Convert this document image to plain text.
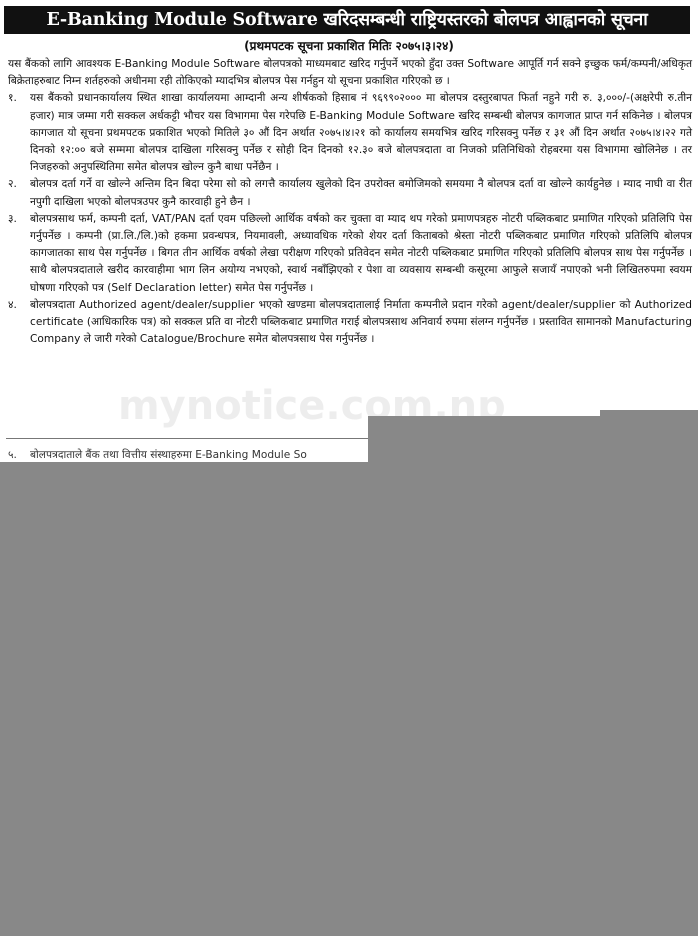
E-Banking Module Software खरिदसम्बन्धी राष्ट्रियस्तरको बोलपत्र आह्वानको सूचना
(प्रथमपटक सूचना प्रकाशित मितिः २०७५।३।२४)

यस बैंकको लागि आवश्यक E-Banking Module Software बोलपत्रको माध्यमबाट खरिद गर्नुपर्ने भएको हुँदा उक्त Software आपूर्ति गर्न सक्ने इच्छुक फर्म/कम्पनी/अधिकृत बिक्रेताहरुबाट निम्न शर्तहरुको अधीनमा रही तोकिएको म्यादभित्र बोलपत्र पेस गर्नहुन यो सूचना प्रकाशित गरिएको छ ।

१. यस बैंकको प्रधानकार्यालय स्थित शाखा कार्यालयमा आम्दानी अन्य शीर्षकको हिसाब नं ९६९९०२००० मा बोलपत्र दस्तुरबापत फिर्ता नहुने गरी रु. ३,०००/-(अक्षरेपी रु.तीन हजार) मात्र जम्मा गरी सक्कल अर्धकट्टी भौचर यस विभागमा पेस गरेपछि E-Banking Module Software खरिद सम्बन्धी बोलपत्र कागजात प्राप्त गर्न सकिनेछ । बोलपत्र कागजात यो सूचना प्रथमपटक प्रकाशित भएको मितिले ३० औं दिन अर्थात २०७५।४।२१ को कार्यालय समयभित्र खरिद गरिसक्नु पर्नेछ र ३१ औं दिन अर्थात २०७५।४।२२ गते दिनको १२:०० बजे सम्ममा बोलपत्र दाखिला गरिसक्नु पर्नेछ र सोही दिन दिनको १२.३० बजे बोलपत्रदाता वा निजको प्रतिनिधिको रोहबरमा यस विभागमा खोलिनेछ । तर निजहरुको अनुपस्थितिमा समेत बोलपत्र खोल्न कुनै बाधा पर्नेछैन ।
२. बोलपत्र दर्ता गर्ने वा खोल्ने अन्तिम दिन बिदा परेमा सो को लगत्तै कार्यालय खुलेको दिन उपरोक्त बमोजिमको समयमा नै बोलपत्र दर्ता वा खोल्ने कार्यहुनेछ । म्याद नाघी वा रीत नपुगी दाखिला भएको बोलपत्रउपर कुनै कारवाही हुने छैन ।
३. बोलपत्रसाथ फर्म, कम्पनी दर्ता, VAT/PAN दर्ता एवम पछिल्लो आर्थिक वर्षको कर चुक्ता वा म्याद थप गरेको प्रमाणपत्रहरु नोटरी पब्लिकबाट प्रमाणित गरिएको प्रतिलिपि पेस गर्नुपर्नेछ । कम्पनी (प्रा.लि./लि.)को हकमा प्रवन्धपत्र, नियमावली, अध्यावधिक गरेको शेयर दर्ता किताबको श्रेस्ता नोटरी पब्लिकबाट प्रमाणित गरिएको प्रतिलिपि बोलपत्र कागजातका साथ पेस गर्नुपर्नेछ । बिगत तीन आर्थिक वर्षको लेखा परीक्षण गरिएको प्रतिवेदन समेत नोटरी पब्लिकबाट प्रमाणित गरिएको प्रतिलिपि बोलपत्र साथ पेस गर्नुपर्नेछ । साथै बोलपत्रदाताले खरीद कारवाहीमा भाग लिन अयोग्य नभएको, स्वार्थ नबाँझिएको र पेशा वा व्यवसाय सम्बन्धी कसूरमा आफुले सजायँ नपाएको भनी लिखितरुपमा स्वयम घोषणा गरिएको पत्र (Self Declaration letter) समेत पेस गर्नुपर्नेछ ।
४. बोलपत्रदाता Authorized agent/dealer/supplier भएको खण्डमा बोलपत्रदातालाई निर्माता कम्पनीले प्रदान गरेको agent/dealer/supplier को Authorized certificate (आधिकारिक पत्र) को सक्कल प्रति वा नोटरी पब्लिकबाट प्रमाणित गराई बोलपत्रसाथ अनिवार्य रुपमा संलग्न गर्नुपर्नेछ । प्रस्तावित सामानको Manufacturing Company ले जारी गरेको Catalogue/Brochure समेत बोलपत्रसाथ पेस गर्नुपर्नेछ ।
mynotice.com.np
५. बोलपत्रदाताले बैंक तथा वित्तीय संस्थाहरुमा E-Banking Module So
